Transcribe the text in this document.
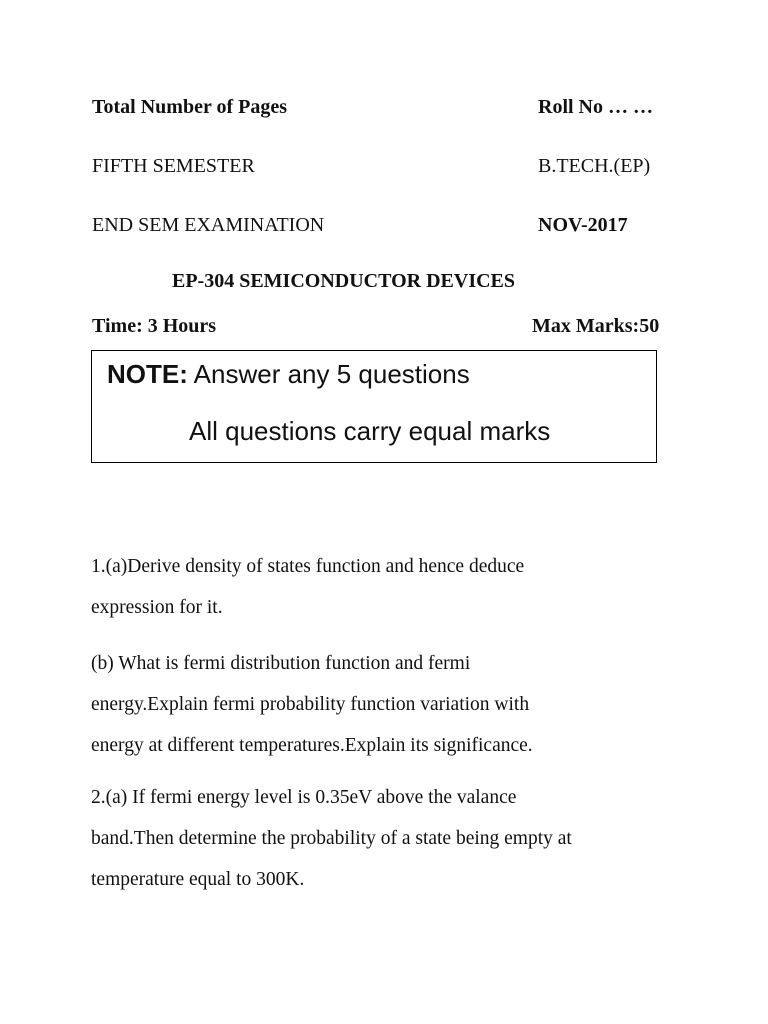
Total Number of Pages	Roll No … …
FIFTH SEMESTER	B.TECH.(EP)
END SEM EXAMINATION	NOV-2017
EP-304 SEMICONDUCTOR DEVICES
Time: 3 Hours	Max Marks:50
NOTE: Answer any 5 questions
All questions carry equal marks

1.(a)Derive density of states function and hence deduce

expression for it.

(b) What is fermi distribution function and fermi

energy.Explain fermi probability function variation with

energy at different temperatures.Explain its significance.

2.(a) If fermi energy level is 0.35eV above the valance

band.Then determine the probability of a state being empty at

temperature equal to 300K.
